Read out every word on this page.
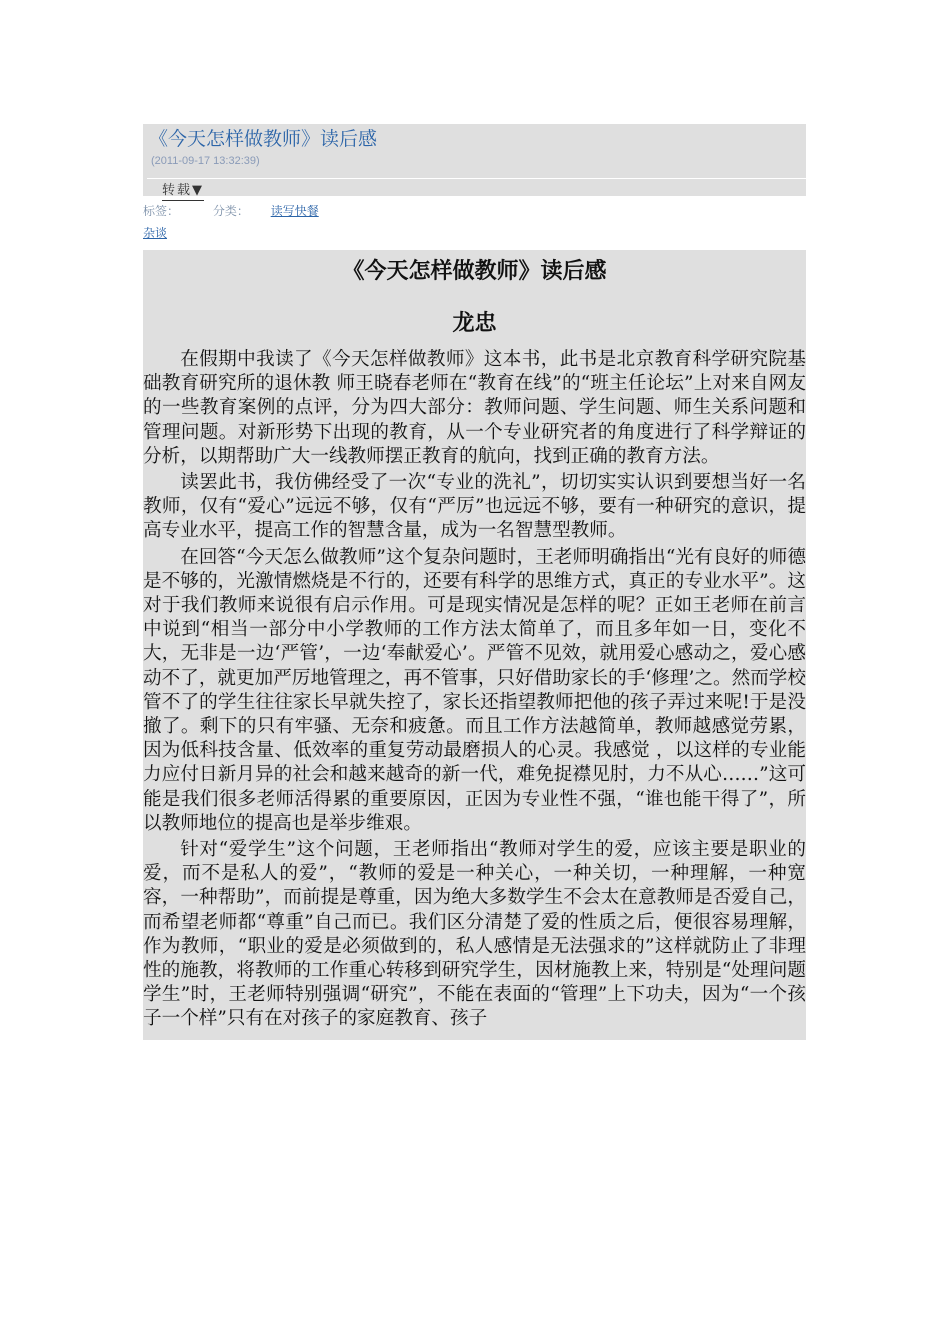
《今天怎样做教师》读后感
(2011-09-17 13:32:39)
转载▼
标签：	分类： 读写快餐
杂谈
《今天怎样做教师》读后感
龙忠

在假期中我读了《今天怎样做教师》这本书，此书是北京教育科学研究院基础教育研究所的退休教 师王晓春老师在“教育在线”的“班主任论坛”上对来自网友的一些教育案例的点评，分为四大部分：教师问题、学生问题、师生关系问题和管理问题。对新形势下出现的教育，从一个专业研究者的角度进行了科学辩证的分析，以期帮助广大一线教师摆正教育的航向，找到正确的教育方法。

读罢此书，我仿佛经受了一次“专业的洗礼”，切切实实认识到要想当好一名教师，仅有“爱心”远远不够，仅有“严厉”也远远不够，要有一种研究的意识，提高专业水平，提高工作的智慧含量，成为一名智慧型教师。

在回答“今天怎么做教师”这个复杂问题时，王老师明确指出“光有良好的师德是不够的，光激情燃烧是不行的，还要有科学的思维方式，真正的专业水平”。这对于我们教师来说很有启示作用。可是现实情况是怎样的呢？正如王老师在前言中说到“相当一部分中小学教师的工作方法太简单了，而且多年如一日，变化不大，无非是一边‘严管’，一边‘奉献爱心’。严管不见效，就用爱心感动之，爱心感动不了，就更加严厉地管理之，再不管事，只好借助家长的手‘修理’之。然而学校管不了的学生往往家长早就失控了，家长还指望教师把他的孩子弄过来呢!于是没撤了。剩下的只有牢骚、无奈和疲惫。而且工作方法越简单，教师越感觉劳累，因为低科技含量、低效率的重复劳动最磨损人的心灵。我感觉 ，以这样的专业能力应付日新月异的社会和越来越奇的新一代，难免捉襟见肘，力不从心……”这可能是我们很多老师活得累的重要原因，正因为专业性不强，“谁也能干得了”，所以教师地位的提高也是举步维艰。

针对“爱学生”这个问题，王老师指出“教师对学生的爱，应该主要是职业的爱，而不是私人的爱”，“教师的爱是一种关心，一种关切，一种理解，一种宽容，一种帮助”，而前提是尊重，因为绝大多数学生不会太在意教师是否爱自己，而希望老师都“尊重”自己而已。我们区分清楚了爱的性质之后，便很容易理解，作为教师，“职业的爱是必须做到的，私人感情是无法强求的”这样就防止了非理性的施教，将教师的工作重心转移到研究学生，因材施教上来，特别是“处理问题学生”时，王老师特别强调“研究”，不能在表面的“管理”上下功夫，因为“一个孩子一个样”只有在对孩子的家庭教育、孩子
